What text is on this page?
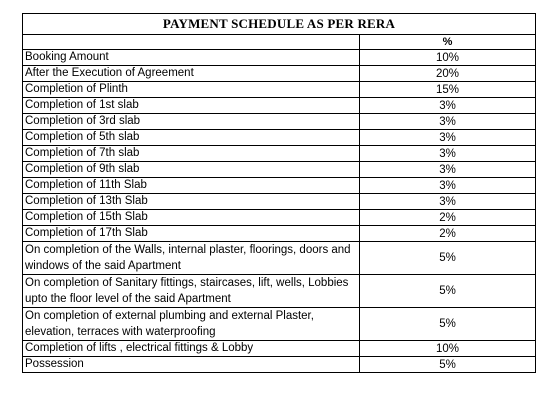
PAYMENT SCHEDULE AS PER RERA	
	%
Booking Amount	10%
After the Execution of Agreement	20%
Completion of Plinth	15%
Completion of 1st slab	3%
Completion of 3rd slab	3%
Completion of 5th slab	3%
Completion of 7th slab	3%
Completion of 9th slab	3%
Completion of 11th Slab	3%
Completion of 13th Slab	3%
Completion of 15th Slab	2%
Completion of 17th Slab	2%
On completion of the Walls, internal plaster, floorings, doors and windows of the said Apartment	5%
On completion of Sanitary fittings, staircases, lift, wells, Lobbies upto the floor level of the said Apartment	5%
On completion of external plumbing and external Plaster, elevation, terraces with waterproofing	5%
Completion of lifts , electrical fittings & Lobby	10%
Possession	5%
